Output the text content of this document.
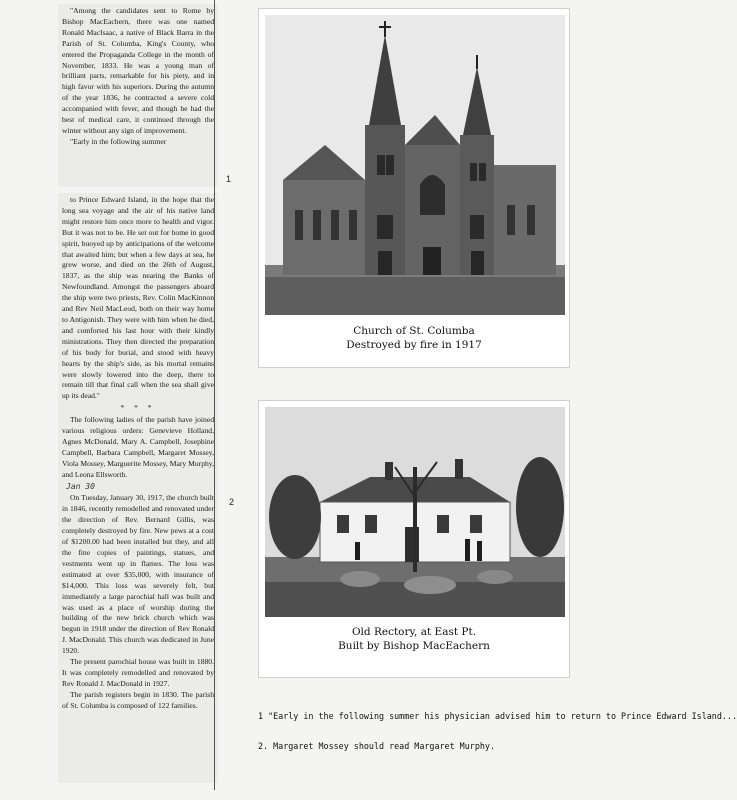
"Among the candidates sent to Rome by Bishop MacEachern, there was one named Ronald MacIsaac, a native of Black Barra in the Parish of St. Columba, King's County, who entered the Propaganda College in the month of November, 1833. He was a young man of brilliant parts, remarkable for his piety, and in high favor with his superiors. During the autumn of the year 1836, he contracted a severe cold accompanied with fever, and though he had the best of medical care, it continued through the winter without any sign of improvement.

"Early in the following summer

to Prince Edward Island, in the hope that the long sea voyage and the air of his native land might restore him once more to health and vigor. But it was not to be. He set out for home in good spirit, buoyed up by anticipations of the welcome that awaited him; but when a few days at sea, he grew worse, and died on the 26th of August, 1837, as the ship was nearing the Banks of Newfoundland. Amongst the passengers aboard the ship were two priests, Rev. Colin MacKinnon and Rev Neil MacLeod, both on their way home to Antigonish. They were with him when he died, and comforted his last hour with their kindly ministrations. They then directed the preparation of his body for burial, and stood with heavy hearts by the ship's side, as his mortal remains were slowly lowered into the deep, there to remain till that final call when the sea shall give up its dead."

* * *

The following ladies of the parish have joined various religious orders: Genevieve Holland, Agnes McDonald, Mary A. Campbell, Josephine Campbell, Barbara Campbell, Margaret Mossey, Viola Mossey, Marguerite Mossey, Mary Murphy, and Leona Ellsworth.

Jan 30

On Tuesday, January 30, 1917, the church built in 1846, recently remodelled and renovated under the direction of Rev. Bernard Gillis, was completely destroyed by fire. New pews at a cost of $1200.00 had been installed but they, and all the fine copies of paintings, statues, and vestments went up in flames. The loss was estimated at over $35,000, with insurance of $14,000. This loss was severely felt, but immediately a large parochial hall was built and was used as a place of worship during the building of the new brick church which was begun in 1918 under the direction of Rev Ronald J. MacDonald. This church was dedicated in June 1920.

The present parochial house was built in 1880. It was completely remodelled and renovated by Rev Ronald J. MacDonald in 1927.

The parish registers begin in 1830. The parish of St. Columba is composed of 122 families.

1
2
Church of St. Columba
Destroyed by fire in 1917
Old Rectory, at East Pt.
Built by Bishop MacEachern
1 "Early in the following summer his physician advised him to return to Prince Edward Island...
2. Margaret Mossey should read Margaret Murphy.
